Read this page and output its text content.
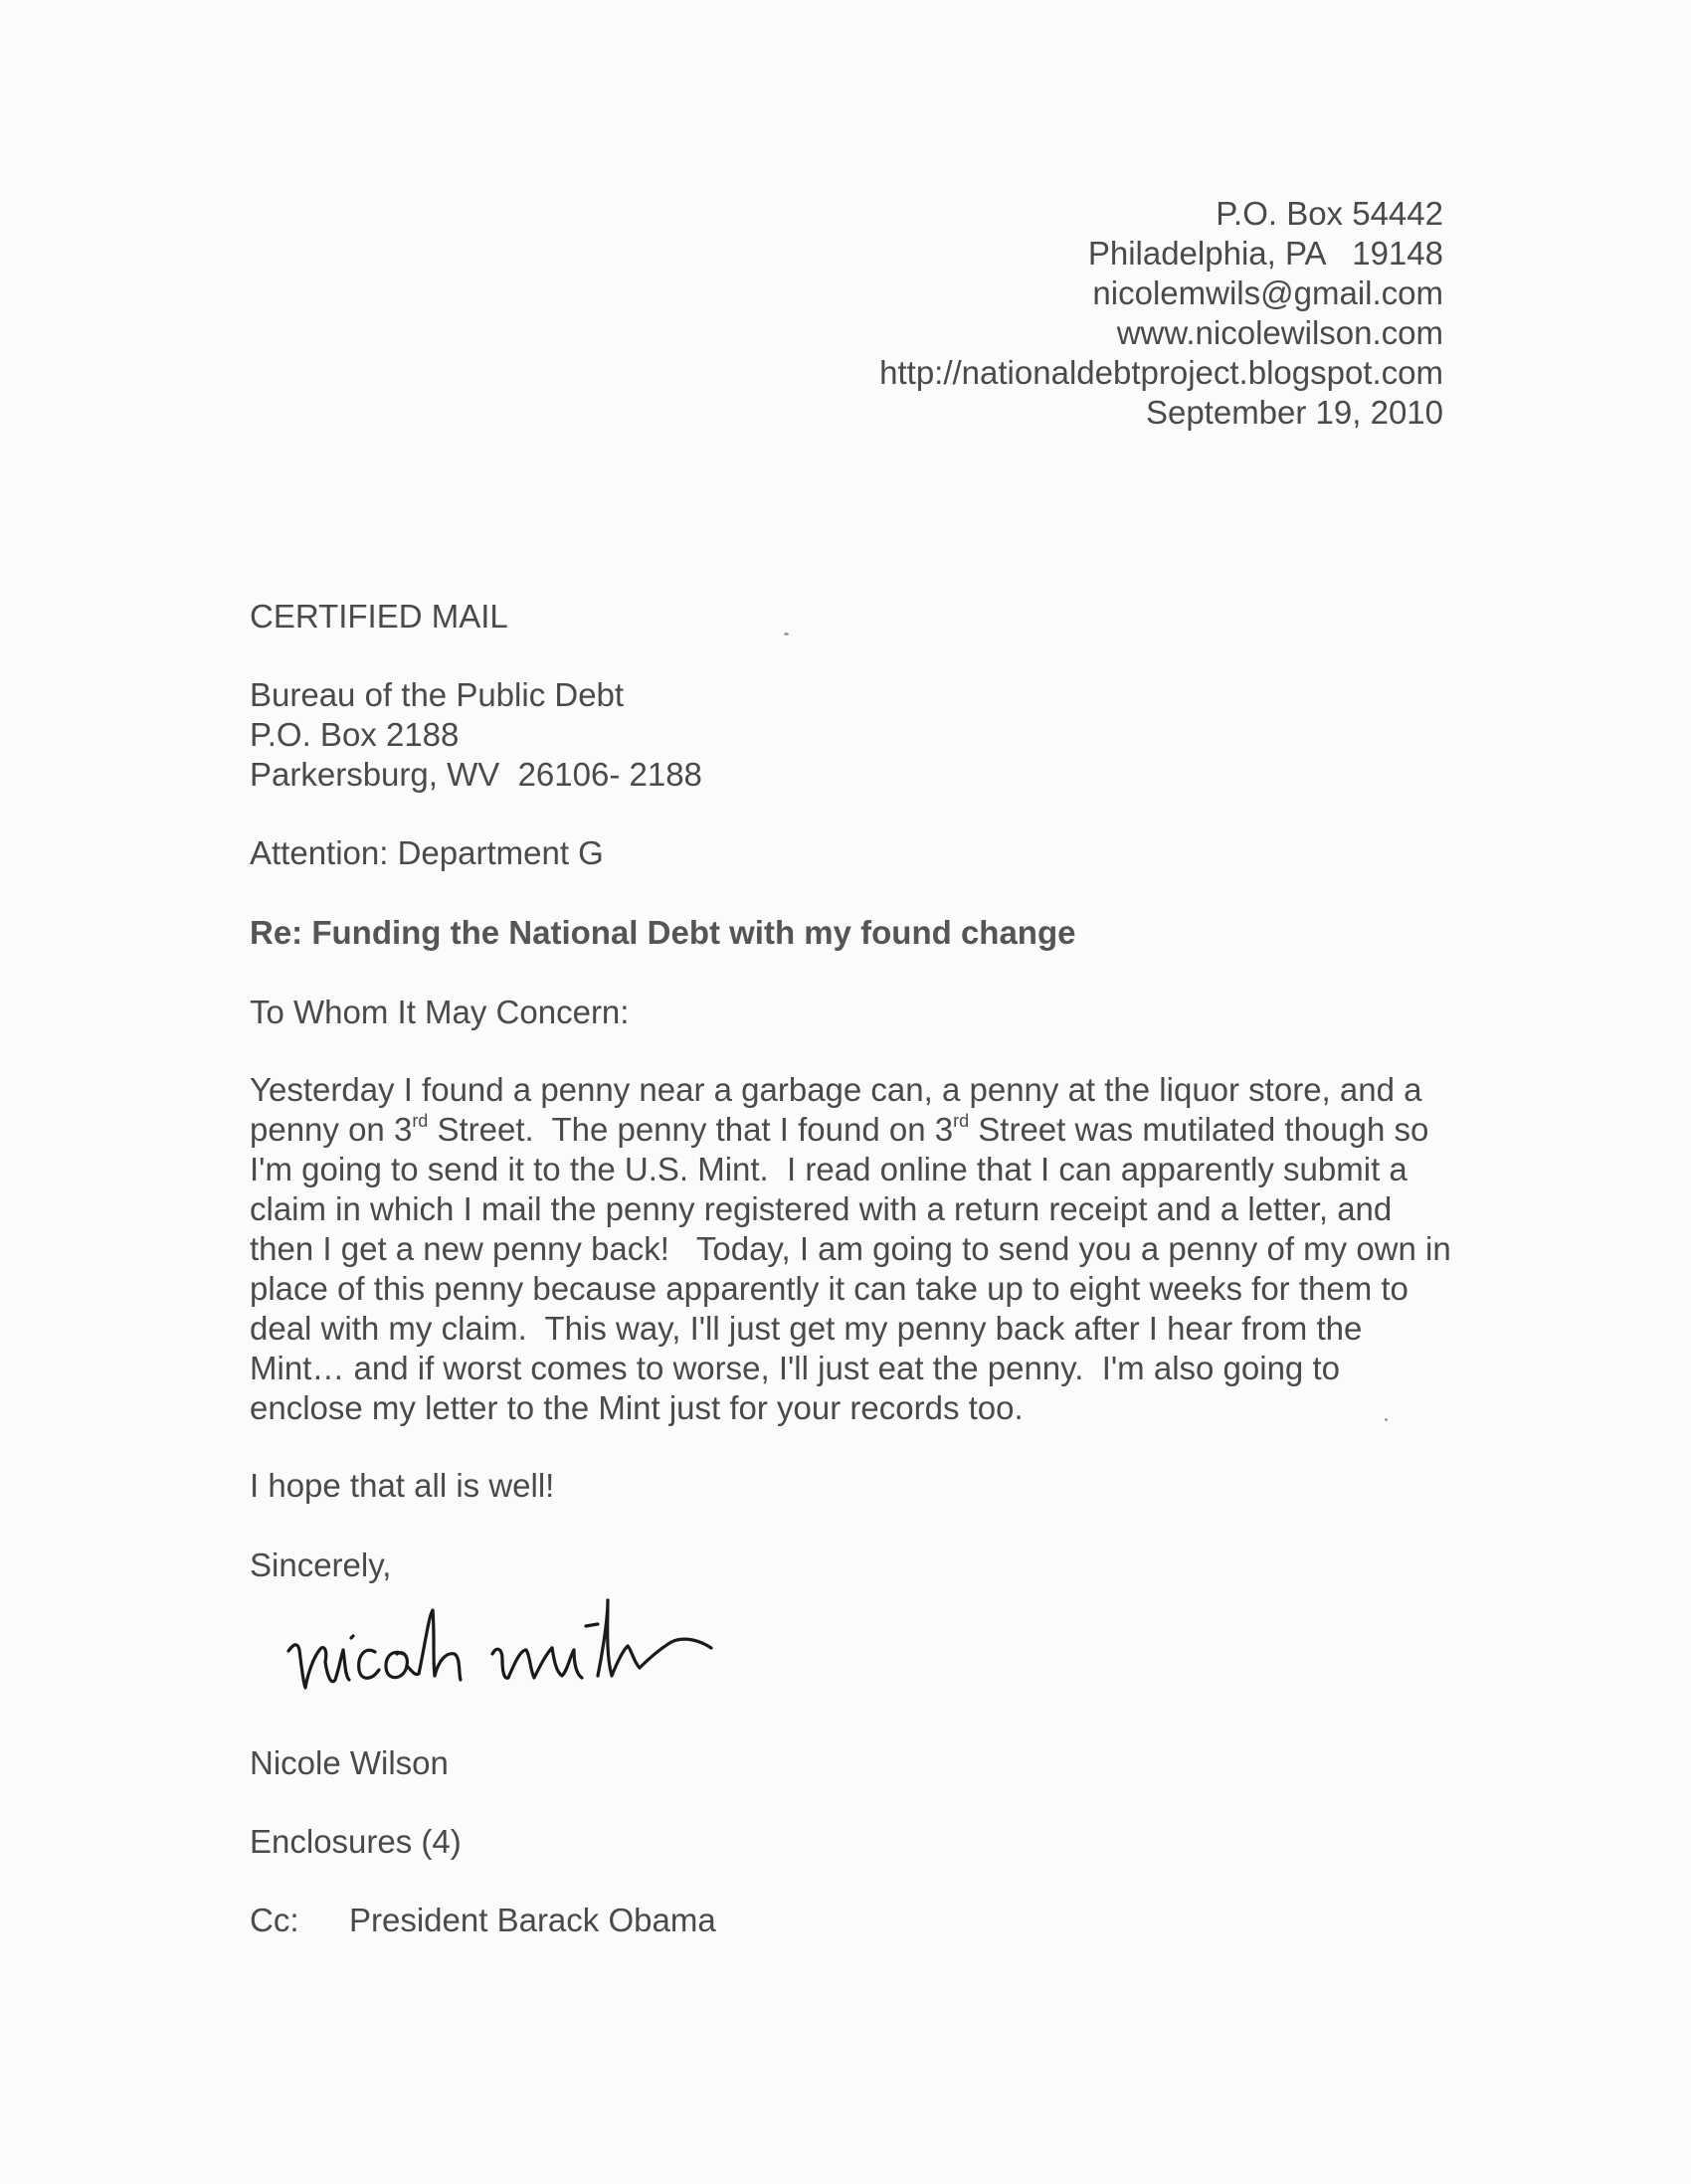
P.O. Box 54442
Philadelphia, PA   19148
nicolemwils@gmail.com
www.nicolewilson.com
http://nationaldebtproject.blogspot.com
September 19, 2010
CERTIFIED MAIL
Bureau of the Public Debt
P.O. Box 2188
Parkersburg, WV  26106- 2188
Attention: Department G
Re: Funding the National Debt with my found change
To Whom It May Concern:
Yesterday I found a penny near a garbage can, a penny at the liquor store, and a penny on 3rd Street.  The penny that I found on 3rd Street was mutilated though so I'm going to send it to the U.S. Mint.  I read online that I can apparently submit a claim in which I mail the penny registered with a return receipt and a letter, and then I get a new penny back!   Today, I am going to send you a penny of my own in place of this penny because apparently it can take up to eight weeks for them to deal with my claim.  This way, I'll just get my penny back after I hear from the Mint… and if worst comes to worse, I'll just eat the penny.  I'm also going to enclose my letter to the Mint just for your records too.
I hope that all is well!
Sincerely,
Nicole Wilson
Enclosures (4)
Cc: President Barack Obama
